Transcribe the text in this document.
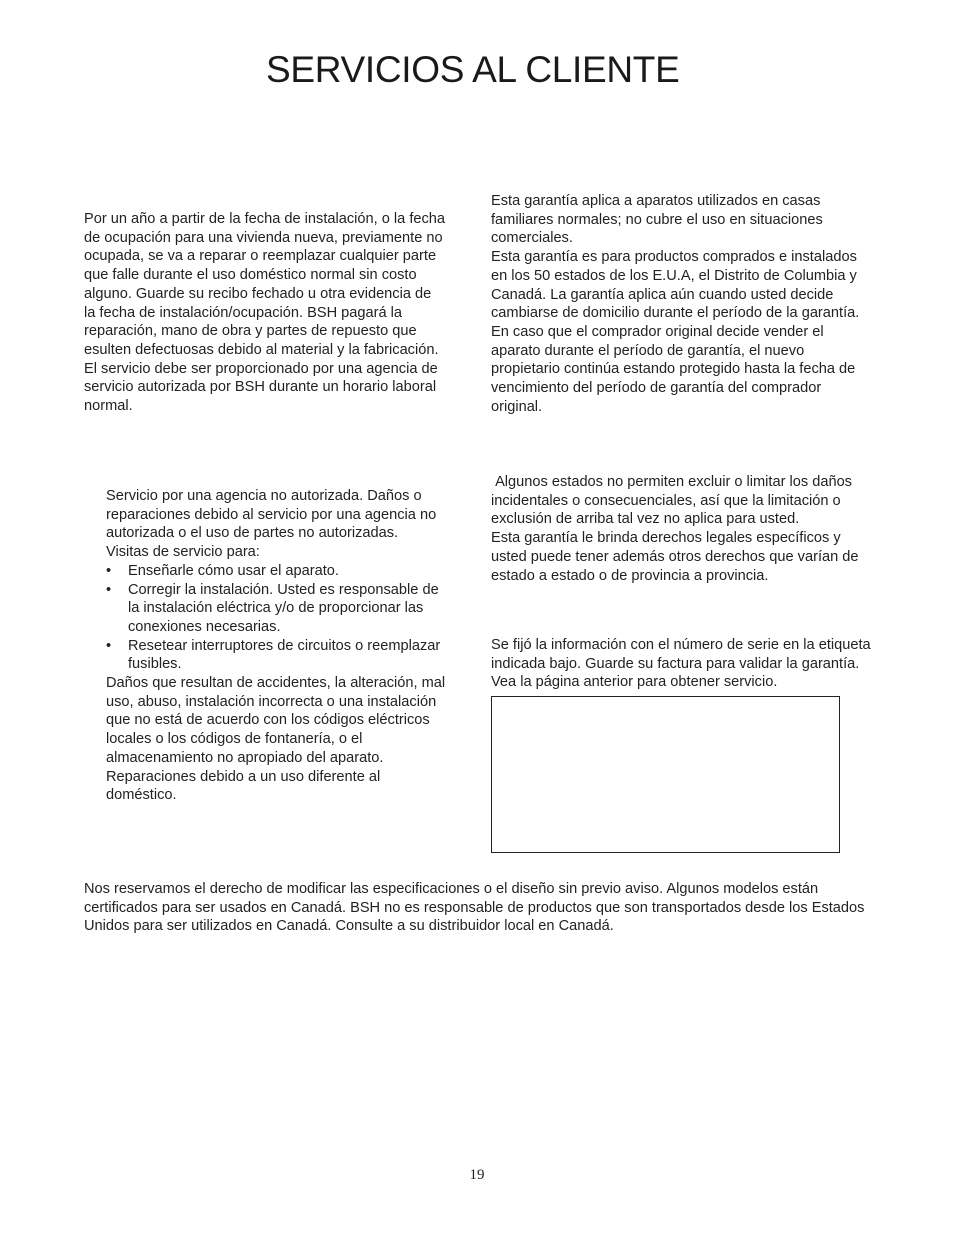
SERVICIOS AL CLIENTE

Por un año a partir de la fecha de instalación, o la fecha de ocupación para una vivienda nueva, previamente no ocupada, se va a reparar o reemplazar cualquier parte que falle durante el uso doméstico normal sin costo alguno. Guarde su recibo fechado u otra evidencia de la fecha de instalación/ocupación. BSH pagará la reparación, mano de obra y partes de repuesto que esulten defectuosas debido al material y la fabricación.

El servicio debe ser proporcionado por una agencia de servicio autorizada por BSH durante un horario laboral normal.

Servicio por una agencia no autorizada. Daños o reparaciones debido al servicio por una agencia no autorizada o el uso de partes no autorizadas.

Visitas de servicio para:

• Enseñarle cómo usar el aparato.
• Corregir la instalación. Usted es responsable de la instalación eléctrica y/o de proporcionar las conexiones necesarias.
• Resetear interruptores de circuitos o reemplazar fusibles.

Daños que resultan de accidentes, la alteración, mal uso, abuso, instalación incorrecta o una instalación que no está de acuerdo con los códigos eléctricos locales o los códigos de fontanería, o el almacenamiento no apropiado del aparato.

Reparaciones debido a un uso diferente al doméstico.

Esta garantía aplica a aparatos utilizados en casas familiares normales; no cubre el uso en situaciones comerciales.

Esta garantía es para productos comprados e instalados en los 50 estados de los E.U.A, el Distrito de Columbia y Canadá. La garantía aplica aún cuando usted decide cambiarse de domicilio durante el período de la garantía. En caso que el comprador original decide vender el aparato durante el período de garantía, el nuevo propietario continúa estando protegido hasta la fecha de vencimiento del período de garantía del comprador original.

Algunos estados no permiten excluir o limitar los daños incidentales o consecuenciales, así que la limitación o exclusión de arriba tal vez no aplica para usted.

Esta garantía le brinda derechos legales específicos y usted puede tener además otros derechos que varían de estado a estado o de provincia a provincia.

Se fijó la información con el número de serie en la etiqueta indicada bajo. Guarde su factura para validar la garantía. Vea la página anterior para obtener servicio.

Nos reservamos el derecho de modificar las especificaciones o el diseño sin previo aviso. Algunos modelos están certificados para ser usados en Canadá. BSH no es responsable de productos que son transportados desde los Estados Unidos para ser utilizados en Canadá. Consulte a su distribuidor local en Canadá.

19
